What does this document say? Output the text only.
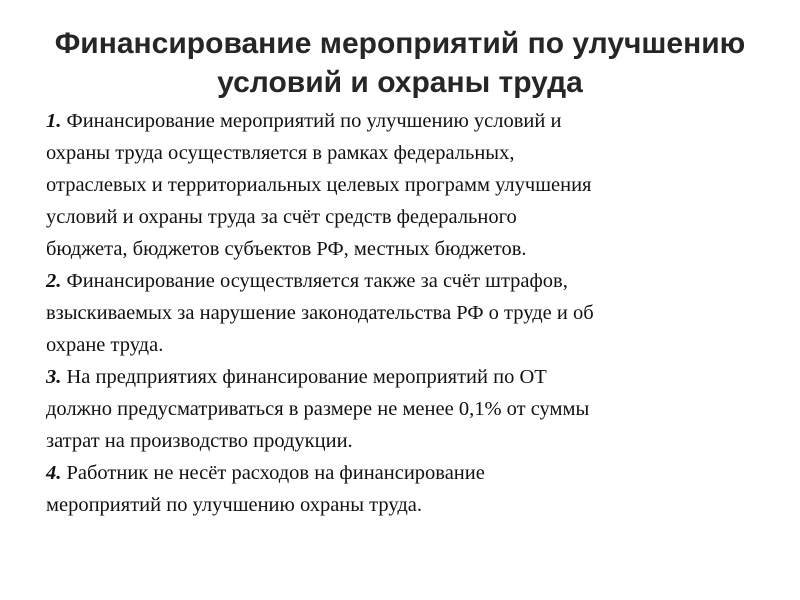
Финансирование мероприятий по улучшению
условий и охраны труда

1. Финансирование мероприятий по улучшению условий и
охраны труда осуществляется в рамках федеральных,
отраслевых и территориальных целевых программ улучшения
условий и охраны труда за счёт средств федерального
бюджета, бюджетов субъектов РФ, местных бюджетов.

2. Финансирование осуществляется также за счёт штрафов,
взыскиваемых за нарушение законодательства РФ о труде и об
охране труда.

3. На предприятиях финансирование мероприятий по ОТ
должно предусматриваться в размере не менее 0,1% от суммы
затрат на производство продукции.

4. Работник не несёт расходов на финансирование
мероприятий по улучшению охраны труда.
